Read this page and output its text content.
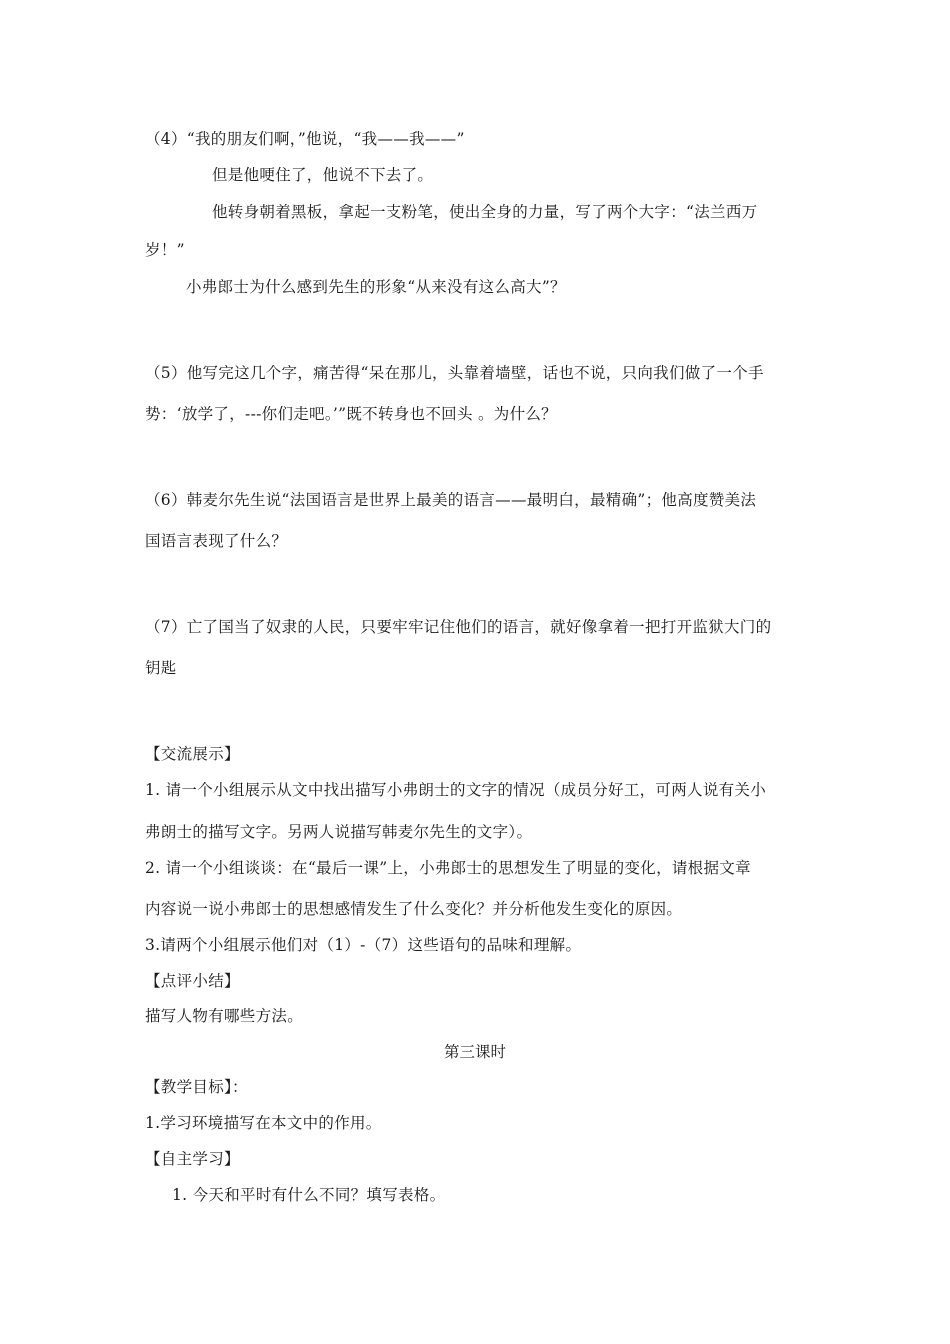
（4）“我的朋友们啊，”他说，“我——我——”
但是他哽住了，他说不下去了。
他转身朝着黑板，拿起一支粉笔，使出全身的力量，写了两个大字：“法兰西万
岁！”
小弗郎士为什么感到先生的形象“从来没有这么高大”？
（5）他写完这几个字，痛苦得“呆在那儿，头靠着墙壁，话也不说，只向我们做了一个手
势：‘放学了，---你们走吧。’”既不转身也不回头 。为什么？
（6）韩麦尔先生说“法国语言是世界上最美的语言——最明白，最精确”；他高度赞美法
国语言表现了什么？
（7）亡了国当了奴隶的人民，只要牢牢记住他们的语言，就好像拿着一把打开监狱大门的
钥匙
【交流展示】
1. 请一个小组展示从文中找出描写小弗朗士的文字的情况（成员分好工，可两人说有关小
弗朗士的描写文字。另两人说描写韩麦尔先生的文字）。
2. 请一个小组谈谈：在“最后一课”上，小弗郎士的思想发生了明显的变化，请根据文章
内容说一说小弗郎士的思想感情发生了什么变化？并分析他发生变化的原因。
3.请两个小组展示他们对（1）-（7）这些语句的品味和理解。
【点评小结】
描写人物有哪些方法。
第三课时
【教学目标】：
1.学习环境描写在本文中的作用。
【自主学习】
1. 今天和平时有什么不同？填写表格。
